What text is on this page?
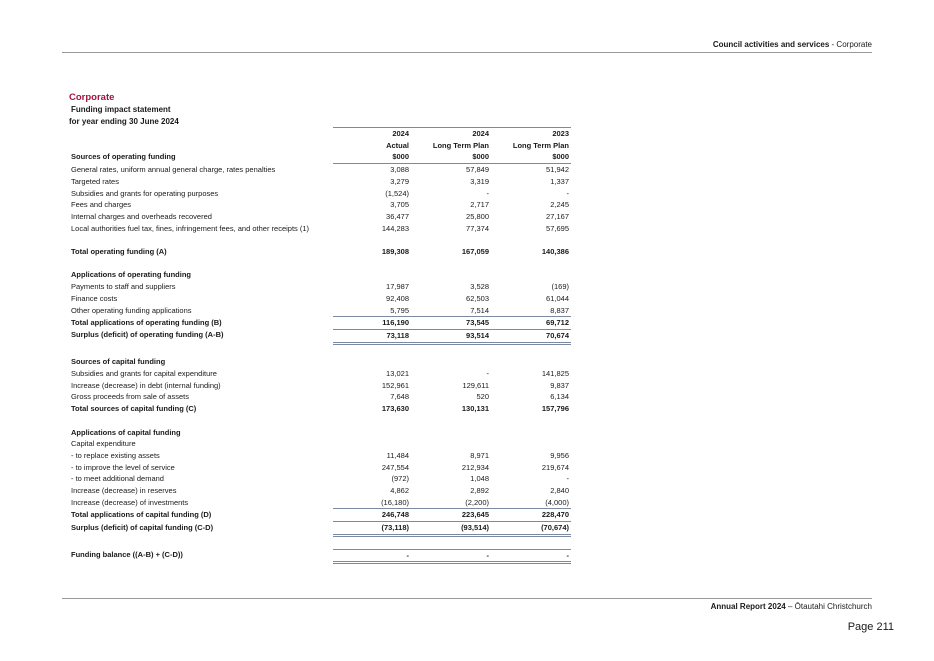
Council activities and services - Corporate
Corporate
Funding impact statement
for year ending 30 June 2024
	2024	2024	2023
	Actual	Long Term Plan	Long Term Plan
Sources of operating funding	$000	$000	$000
General rates, uniform annual general charge, rates penalties	3,088	57,849	51,942
Targeted rates	3,279	3,319	1,337
Subsidies and grants for operating purposes	(1,524)	-	-
Fees and charges	3,705	2,717	2,245
Internal charges and overheads recovered	36,477	25,800	27,167
Local authorities fuel tax, fines, infringement fees, and other receipts (1)	144,283	77,374	57,695
Total operating funding (A)	189,308	167,059	140,386

Applications of operating funding			
Payments to staff and suppliers	17,987	3,528	(169)
Finance costs	92,408	62,503	61,044
Other operating funding applications	5,795	7,514	8,837
Total applications of operating funding (B)	116,190	73,545	69,712
Surplus (deficit) of operating funding (A-B)	73,118	93,514	70,674

Sources of capital funding			
Subsidies and grants for capital expenditure	13,021	-	141,825
Increase (decrease) in debt (internal funding)	152,961	129,611	9,837
Gross proceeds from sale of assets	7,648	520	6,134
Total sources of capital funding (C)	173,630	130,131	157,796

Applications of capital funding			
Capital expenditure			
- to replace existing assets	11,484	8,971	9,956
- to improve the level of service	247,554	212,934	219,674
- to meet additional demand	(972)	1,048	-
Increase (decrease) in reserves	4,862	2,892	2,840
Increase (decrease) of investments	(16,180)	(2,200)	(4,000)
Total applications of capital funding (D)	246,748	223,645	228,470
Surplus (deficit) of capital funding (C-D)	(73,118)	(93,514)	(70,674)

Funding balance ((A-B) + (C-D))	-	-	-
Annual Report 2024 – Ōtautahi Christchurch
Page 211
